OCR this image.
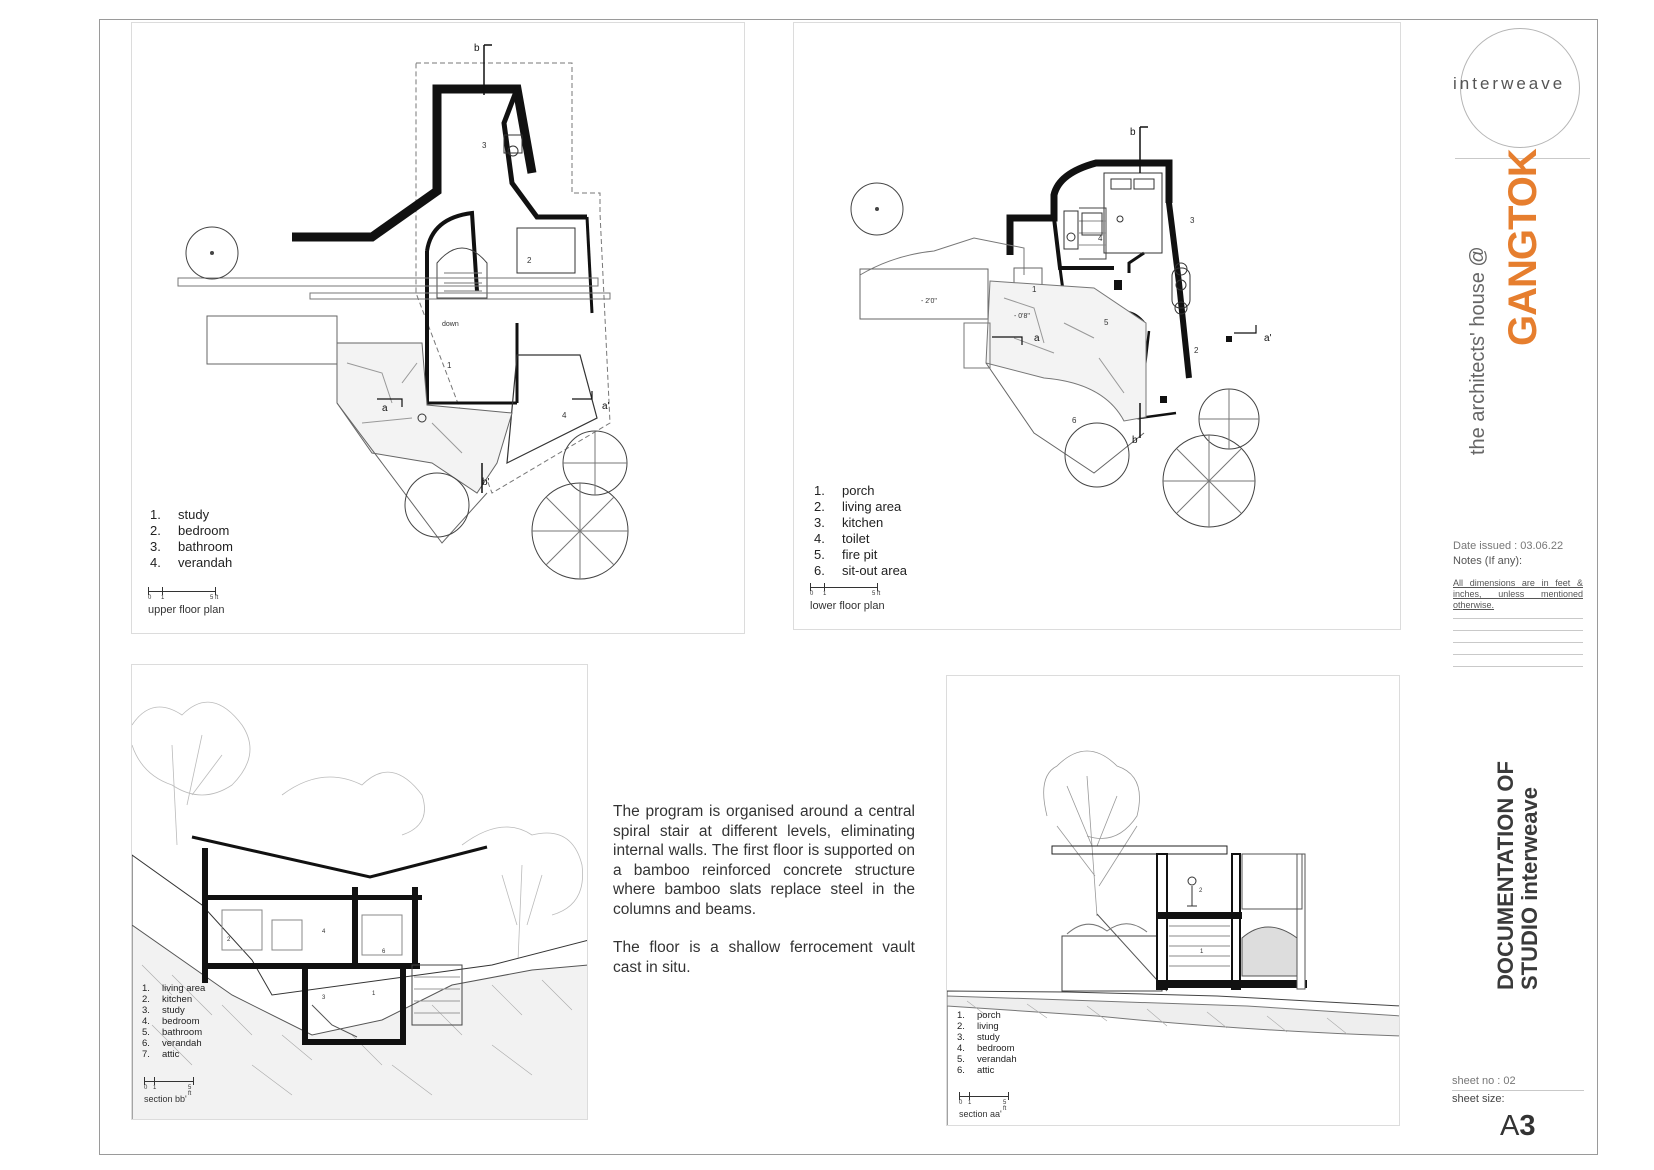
down
1
2
3
4
b
b'
a	a'
1.	study
2.	bedroom
3.	bathroom
4.	verandah
0 1	5 ft
upper floor plan
- 2'0"
- 0'8"
1
2
3
4
5
6
b
b
a	a'
1.	porch
2.	living area
3.	kitchen
4.	toilet
5.	fire pit
6.	sit-out area
0 1	5 ft
lower floor plan
2
4
6
3
1
1.	living area
2.	kitchen
3.	study
4.	bedroom
5.	bathroom
6.	verandah
7.	attic
0 1	5 ft
section bb'

The program is organised around a central spiral stair at different levels, eliminating internal walls. The first floor is supported on a bamboo reinforced concrete structure where bamboo slats replace steel in the columns and beams.

The floor is a shallow ferrocement vault cast in situ.

2
1
1.	porch
2.	living
3.	study
4.	bedroom
5.	verandah
6.	attic
0 1	5 ft
section aa'
interweave
the architects' house @ GANGTOK
Date issued : 03.06.22
Notes (If any):

All dimensions are in feet & inches, unless mentioned otherwise.

DOCUMENTATION OF STUDIO interweave
sheet no : 02
sheet size:
A3
